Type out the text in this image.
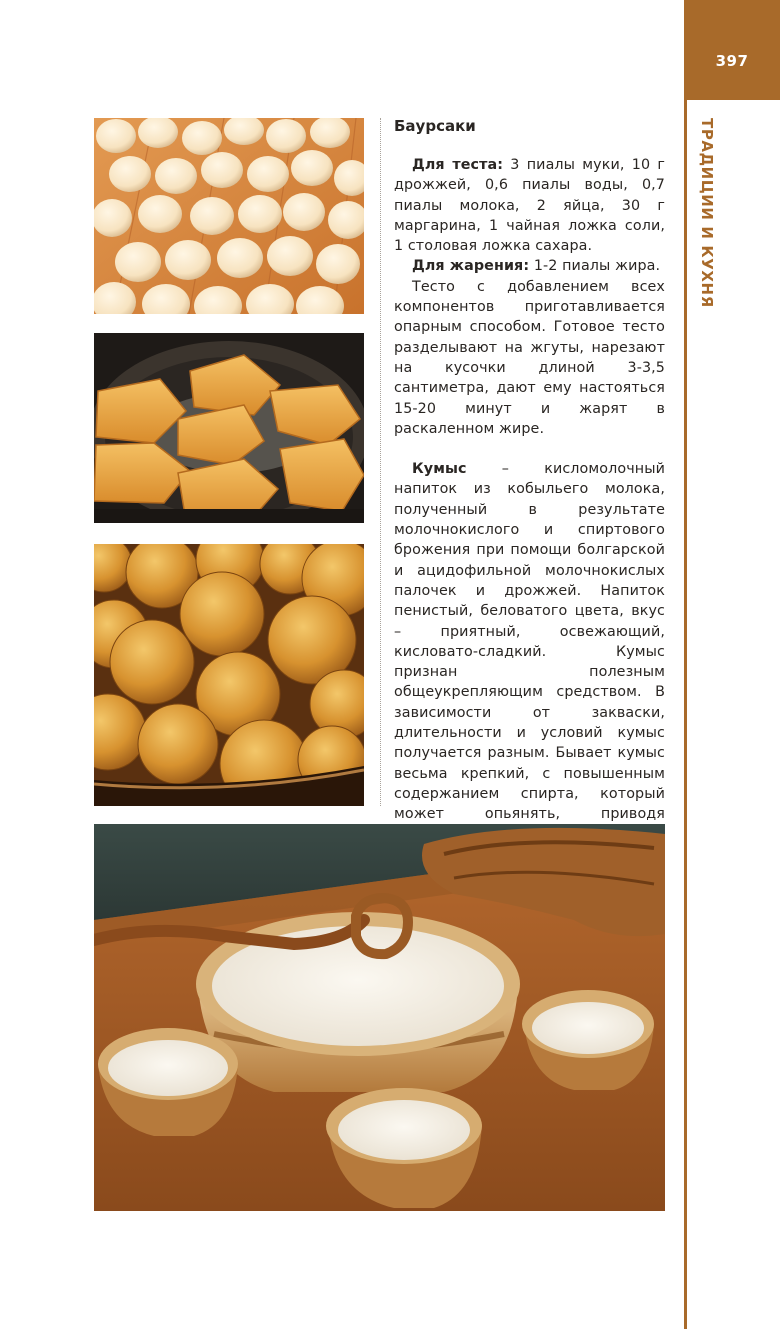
397
ТРАДИЦИИ И КУХНЯ
Баурсаки

Для теста: 3 пиалы муки, 10 г дрожжей, 0,6 пиалы воды, 0,7 пиалы молока, 2 яйца, 30 г маргарина, 1 чайная ложка соли, 1 столовая ложка сахара.

Для жарения: 1-2 пиалы жира.

Тесто с добавлением всех компонентов приготавливается опарным способом. Готовое тесто разделывают на жгуты, нарезают на кусочки длиной 3-3,5 сантиметра, дают ему настояться 15-20 минут и жарят в раскаленном жире.

Кумыс – кисломолочный напиток из кобыльего молока, полученный в результате молочнокислого и спиртового брожения при помощи болгарской и ацидофильной молочнокислых палочек и дрожжей. Напиток пенистый, беловатого цвета, вкус – приятный, освежающий, кисловато-сладкий. Кумыс признан полезным общеукрепляющим средством. В зависимости от закваски, длительности и условий кумыс получается разным. Бывает кумыс весьма крепкий, с повышенным содержанием спирта, который может опьянять, приводя
